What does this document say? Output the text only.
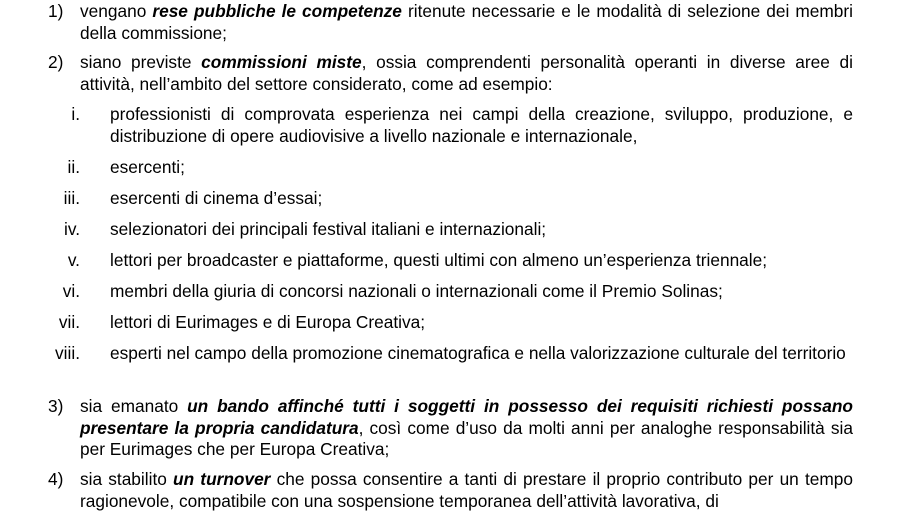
1) vengano rese pubbliche le competenze ritenute necessarie e le modalità di selezione dei membri della commissione;
2) siano previste commissioni miste, ossia comprendenti personalità operanti in diverse aree di attività, nell’ambito del settore considerato, come ad esempio:
i. professionisti di comprovata esperienza nei campi della creazione, sviluppo, produzione, e distribuzione di opere audiovisive a livello nazionale e internazionale,
ii. esercenti;
iii. esercenti di cinema d’essai;
iv. selezionatori dei principali festival italiani e internazionali;
v. lettori per broadcaster e piattaforme, questi ultimi con almeno un’esperienza triennale;
vi. membri della giuria di concorsi nazionali o internazionali come il Premio Solinas;
vii. lettori di Eurimages e di Europa Creativa;
viii. esperti nel campo della promozione cinematografica e nella valorizzazione culturale del territorio
3) sia emanato un bando affinché tutti i soggetti in possesso dei requisiti richiesti possano presentare la propria candidatura, così come d’uso da molti anni per analoghe responsabilità sia per Eurimages che per Europa Creativa;
4) sia stabilito un turnover che possa consentire a tanti di prestare il proprio contributo per un tempo ragionevole, compatibile con una sospensione temporanea dell’attività lavorativa, di
